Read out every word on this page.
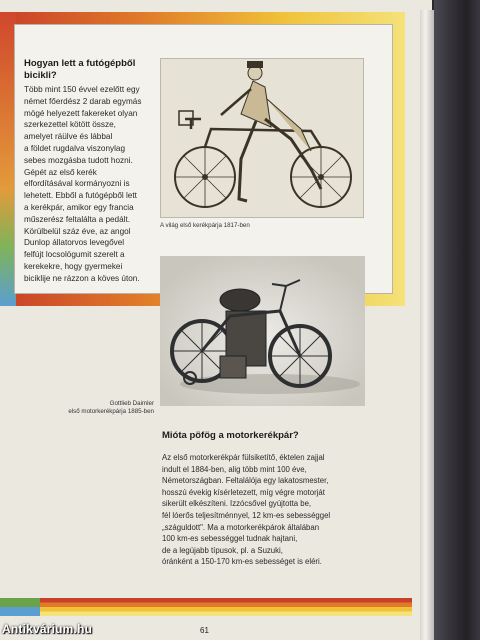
Hogyan lett a futógépből bicikli?
Több mint 150 évvel ezelőtt egy
német főerdész 2 darab egymás
mögé helyezett fakereket olyan
szerkezettel kötött össze,
amelyet ráülve és lábbal
a földet rugdalva viszonylag
sebes mozgásba tudott hozni.
Gépét az első kerék
elfordításával kormányozni is
lehetett. Ebből a futógépből lett
a kerékpár, amikor egy francia
műszerész feltalálta a pedált.
Körülbelül száz éve, az angol
Dunlop állatorvos levegővel
felfújt locsolögumit szerelt a
kerekekre, hogy gyermekei
biciklije ne rázzon a köves úton.
A világ első kerékpárja 1817-ben
Gottlieb Daimler
első motorkerékpárja 1885-ben
Mióta pöfög a motorkerékpár?
Az első motorkerékpár fülsiketítő, éktelen zajjal
indult el 1884-ben, alig több mint 100 éve,
Németországban. Feltalálója egy lakatosmester,
hosszú évekig kísérletezett, míg végre motorját
sikerült elkészíteni. Izzócsővel gyújtotta be,
fél lóerős teljesítménnyel, 12 km-es sebességgel
„száguldott". Ma a motorkerékpárok általában
100 km-es sebességgel tudnak hajtani,
de a legújabb típusok, pl. a Suzuki,
óránként a 150-170 km-es sebességet is eléri.
61
Antikvárium.hu
